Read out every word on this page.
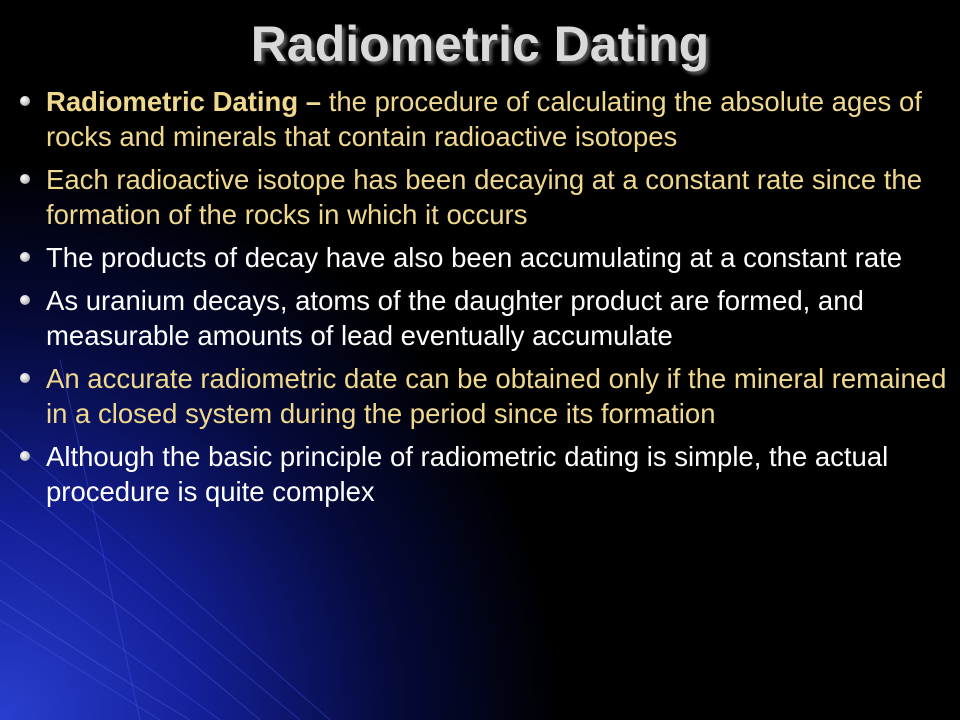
Radiometric Dating
Radiometric Dating – the procedure of calculating the absolute ages of rocks and minerals that contain radioactive isotopes
Each radioactive isotope has been decaying at a constant rate since the formation of the rocks in which it occurs
The products of decay have also been accumulating at a constant rate
As uranium decays, atoms of the daughter product are formed, and measurable amounts of lead eventually accumulate
An accurate radiometric date can be obtained only if the mineral remained in a closed system during the period since its formation
Although the basic principle of radiometric dating is simple, the actual procedure is quite complex
